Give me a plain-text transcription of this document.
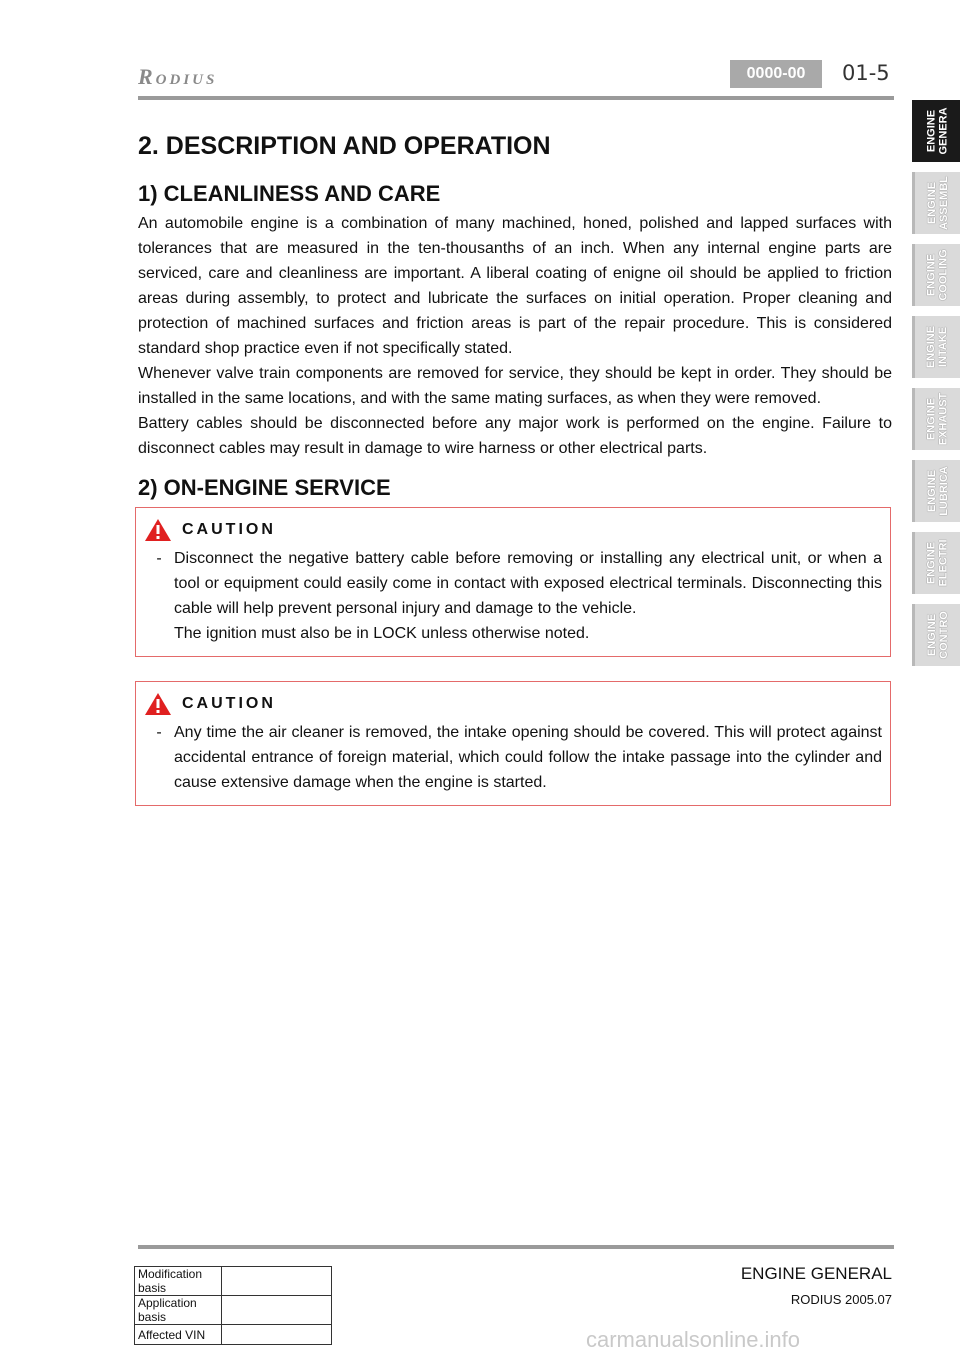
Rodius	0000-00	01-5
ENGINE
GENERA
ENGINE
ASSEMBL
ENGINE
COOLING
ENGINE
INTAKE
ENGINE
EXHAUST
ENGINE
LUBRICA
ENGINE
ELECTRI
ENGINE
CONTRO
2. DESCRIPTION AND OPERATION
1) CLEANLINESS AND CARE

An automobile engine is a combination of many machined, honed, polished and lapped surfaces with tolerances that are measured in the ten-thousanths of an inch. When any internal engine parts are serviced, care and cleanliness are important. A liberal coating of enigne oil should be applied to friction areas during assembly, to protect and lubricate the surfaces on initial operation. Proper cleaning and protection of machined surfaces and friction areas is part of the repair procedure. This is considered standard shop practice even if not specifically stated.

Whenever valve train components are removed for service, they should be kept in order. They should be installed in the same locations, and with the same mating surfaces, as when they were removed.

Battery cables should be disconnected before any major work is performed on the engine. Failure to disconnect cables may result in damage to wire harness or other electrical parts.

2) ON-ENGINE SERVICE
CAUTION
- Disconnect the negative battery cable before removing or installing any electrical unit, or when a tool or equipment could easily come in contact with exposed electrical terminals. Disconnecting this cable will help prevent personal injury and damage to the vehicle.
The ignition must also be in LOCK unless otherwise noted.
CAUTION
- Any time the air cleaner is removed, the intake opening should be covered. This will protect against accidental entrance of foreign material, which could follow the intake passage into the cylinder and cause extensive damage when the engine is started.
ENGINE GENERAL
RODIUS 2005.07
Modification basis	
Application basis	
Affected VIN		carmanualsonline.info
